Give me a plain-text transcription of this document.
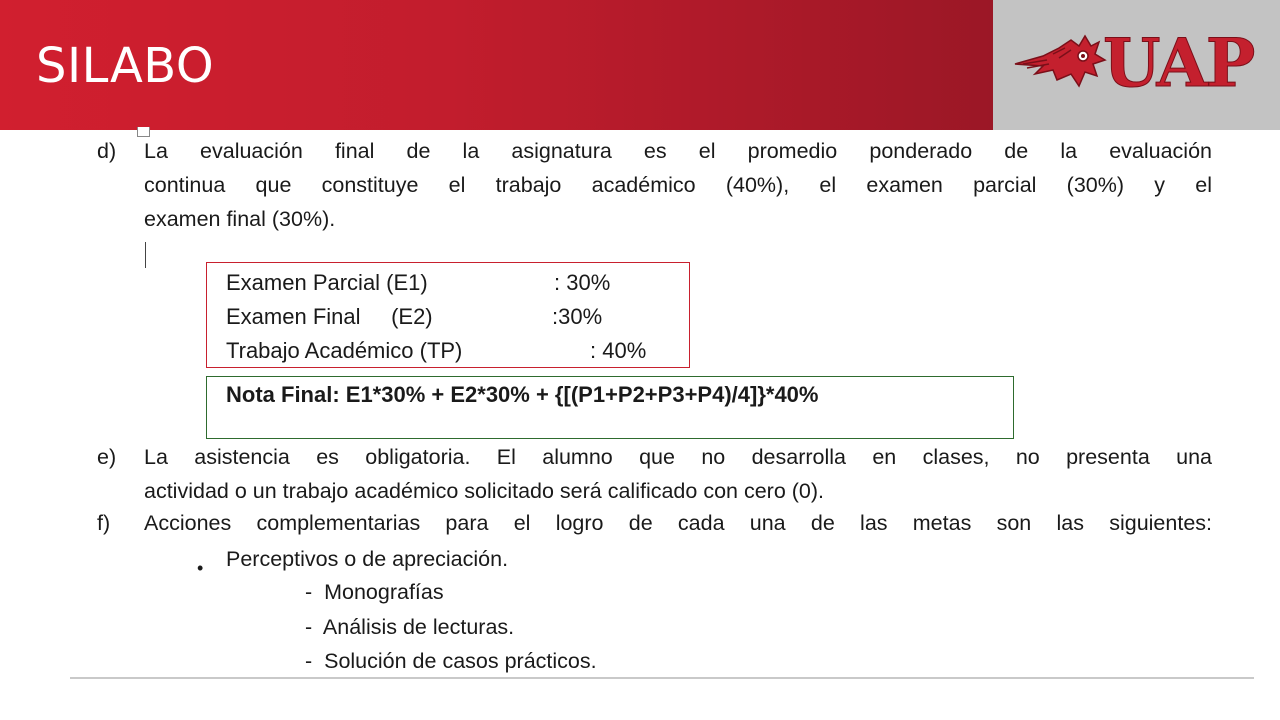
SILABO	UAP
d) La evaluación final de la asignatura es el promedio ponderado de la evaluación
continua que constituye el trabajo académico (40%), el examen parcial (30%) y el
examen final (30%).
Examen Parcial (E1)	: 30%
Examen Final     (E2)	:30%
Trabajo Académico (TP)	: 40%
Nota Final: E1*30% + E2*30% + {[(P1+P2+P3+P4)/4]}*40%
e) La asistencia es obligatoria. El alumno que no desarrolla en clases, no presenta una
actividad o un trabajo académico solicitado será calificado con cero (0).
f) Acciones complementarias para el logro de cada una de las metas son las siguientes:
• Perceptivos o de apreciación.
-  Monografías
-  Análisis de lecturas.
-  Solución de casos prácticos.
